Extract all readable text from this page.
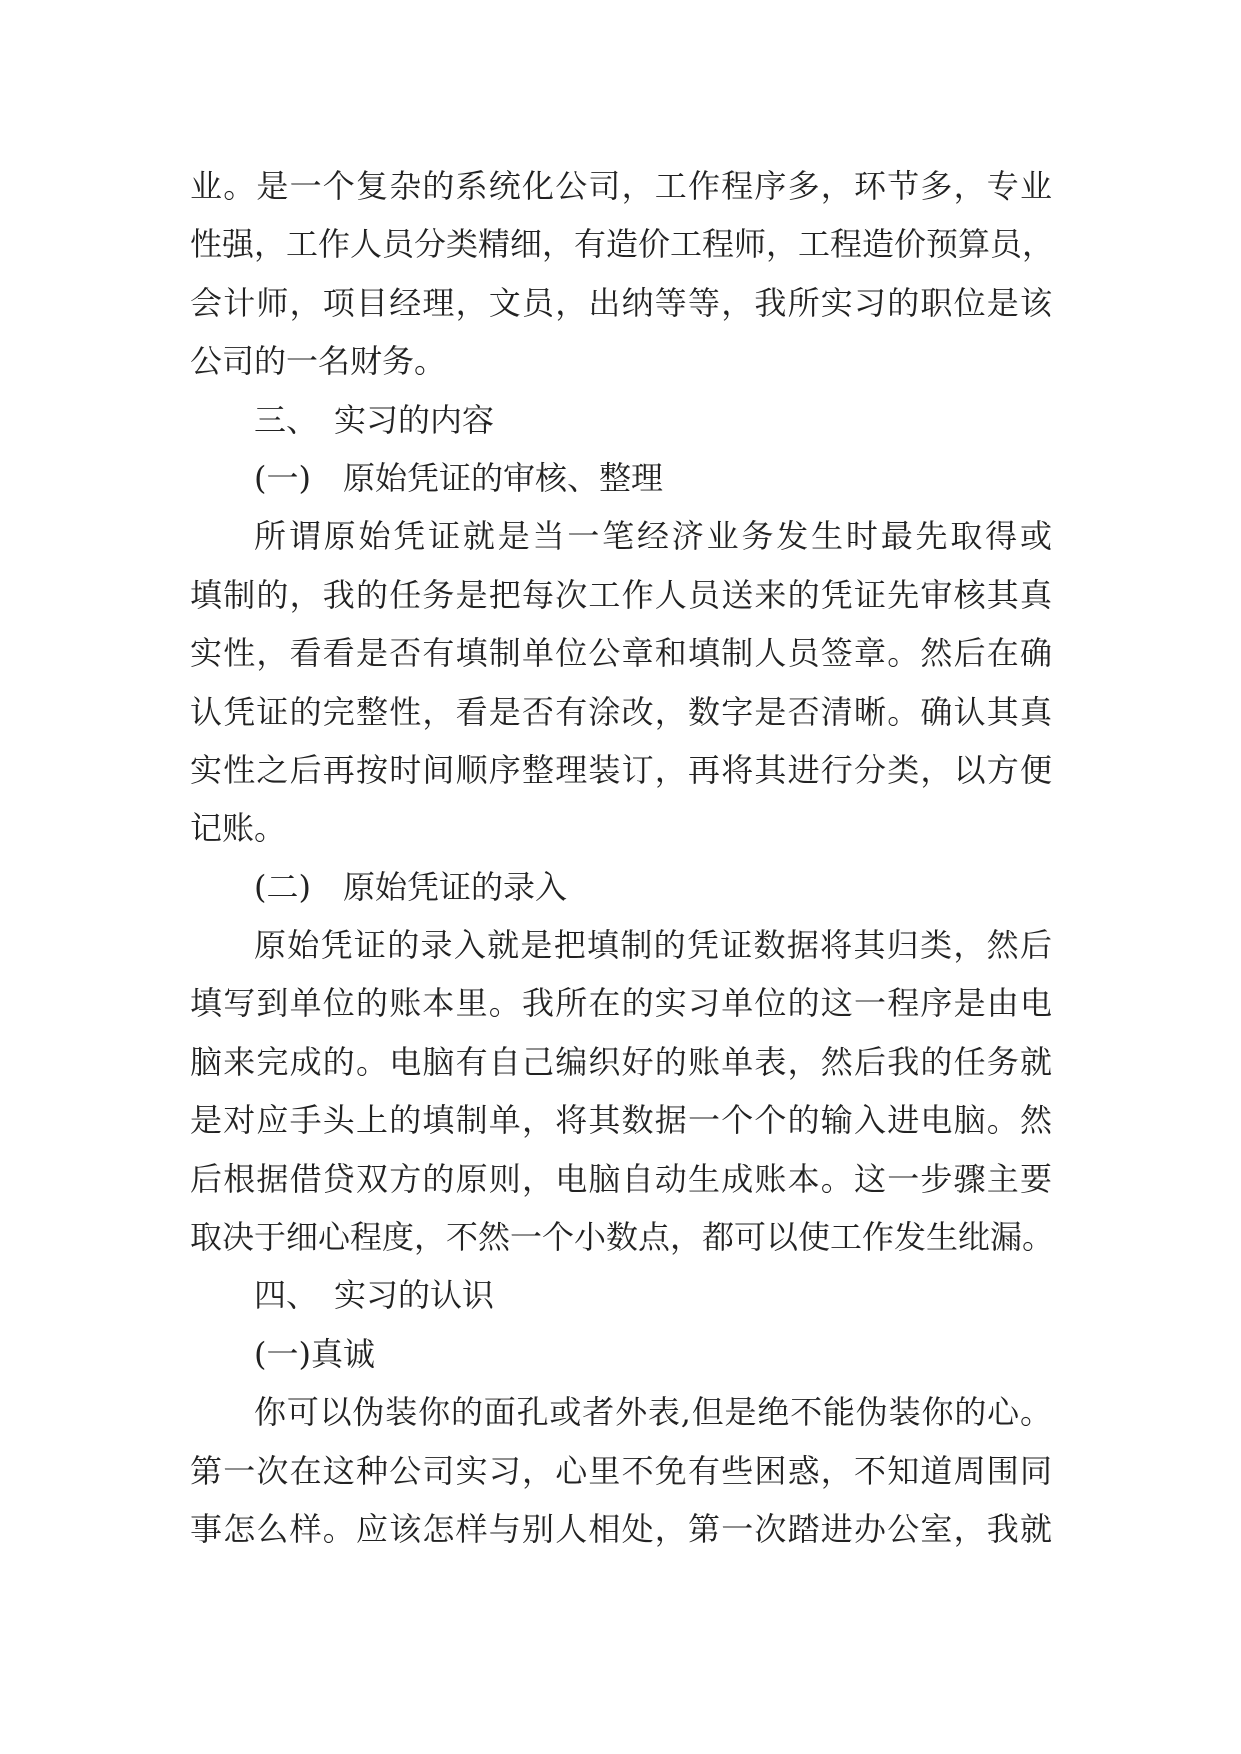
业。是一个复杂的系统化公司，工作程序多，环节多，专业
性强，工作人员分类精细，有造价工程师，工程造价预算员，
会计师，项目经理，文员，出纳等等，我所实习的职位是该
公司的一名财务。
三、　实习的内容
(一)　原始凭证的审核、整理
所谓原始凭证就是当一笔经济业务发生时最先取得或
填制的，我的任务是把每次工作人员送来的凭证先审核其真
实性，看看是否有填制单位公章和填制人员签章。然后在确
认凭证的完整性，看是否有涂改，数字是否清晰。确认其真
实性之后再按时间顺序整理装订，再将其进行分类，以方便
记账。
(二)　原始凭证的录入
原始凭证的录入就是把填制的凭证数据将其归类，然后
填写到单位的账本里。我所在的实习单位的这一程序是由电
脑来完成的。电脑有自己编织好的账单表，然后我的任务就
是对应手头上的填制单，将其数据一个个的输入进电脑。然
后根据借贷双方的原则，电脑自动生成账本。这一步骤主要
取决于细心程度，不然一个小数点，都可以使工作发生纰漏。
四、　实习的认识
(一)真诚
你可以伪装你的面孔或者外表,但是绝不能伪装你的心。
第一次在这种公司实习，心里不免有些困惑，不知道周围同
事怎么样。应该怎样与别人相处，第一次踏进办公室，我就
